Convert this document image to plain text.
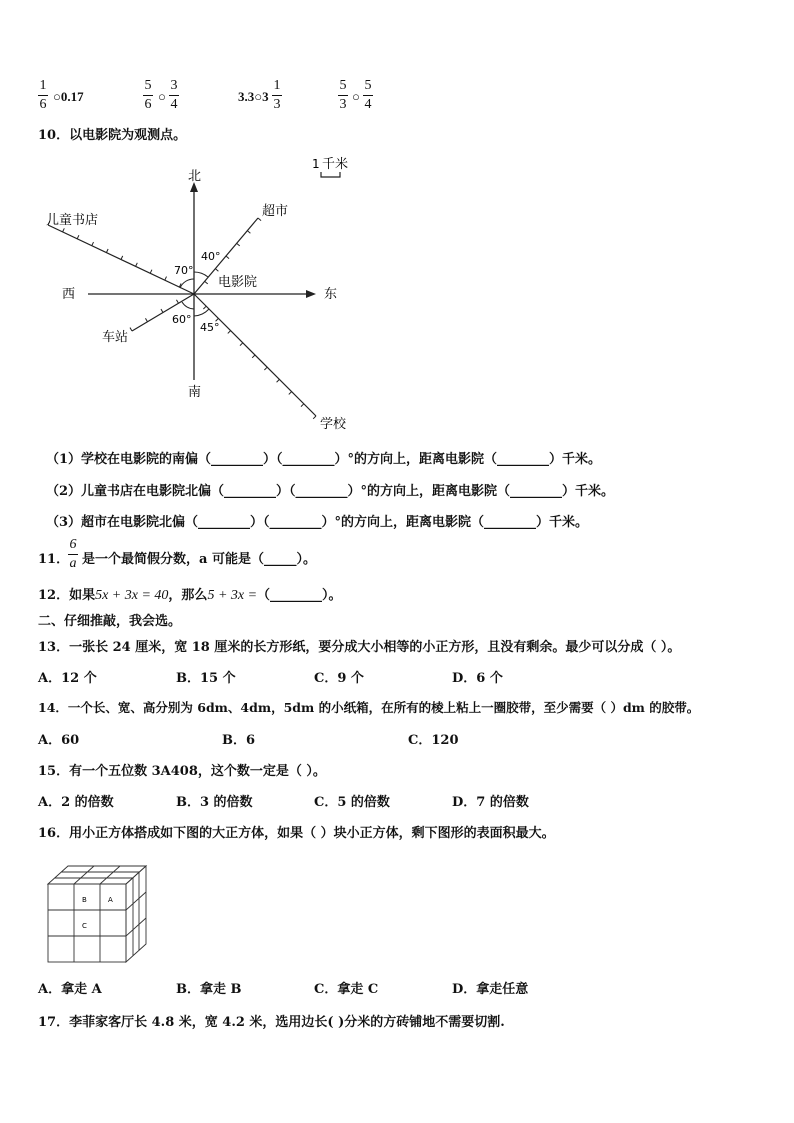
1
6
○0.17
5
6
○
3
4
3.3○3
1
3
5
3
○
5
4
10．以电影院为观测点。
1 千米
北
南
东
西
电影院
超市
儿童书店
车站
学校
40°
70°
60°
45°
（1）学校在电影院的南偏（________）（________）°的方向上，距离电影院（________）千米。
（2）儿童书店在电影院北偏（________）（________）°的方向上，距离电影院（________）千米。
（3）超市在电影院北偏（________）（________）°的方向上，距离电影院（________）千米。
11．
6
a 是一个最简假分数，a 可能是（_____）。
12．如果5x + 3x = 40，那么5 + 3x =（________）。
二、仔细推敲，我会选。
13．一张长 24 厘米，宽 18 厘米的长方形纸，要分成大小相等的小正方形，且没有剩余。最少可以分成（ ）。
A．12 个	B．15 个	C．9 个	D．6 个
14．一个长、宽、高分别为 6dm、4dm，5dm 的小纸箱，在所有的棱上粘上一圈胶带，至少需要（ ）dm 的胶带。
A．60	B．6	C．120
15．有一个五位数 3A408，这个数一定是（ ）。
A．2 的倍数	B．3 的倍数	C．5 的倍数	D．7 的倍数
16．用小正方体搭成如下图的大正方体，如果（ ）块小正方体，剩下图形的表面积最大。
B	A
C
A．拿走 A	B．拿走 B	C．拿走 C	D．拿走任意
17．李菲家客厅长 4.8 米，宽 4.2 米，选用边长( )分米的方砖铺地不需要切割.
